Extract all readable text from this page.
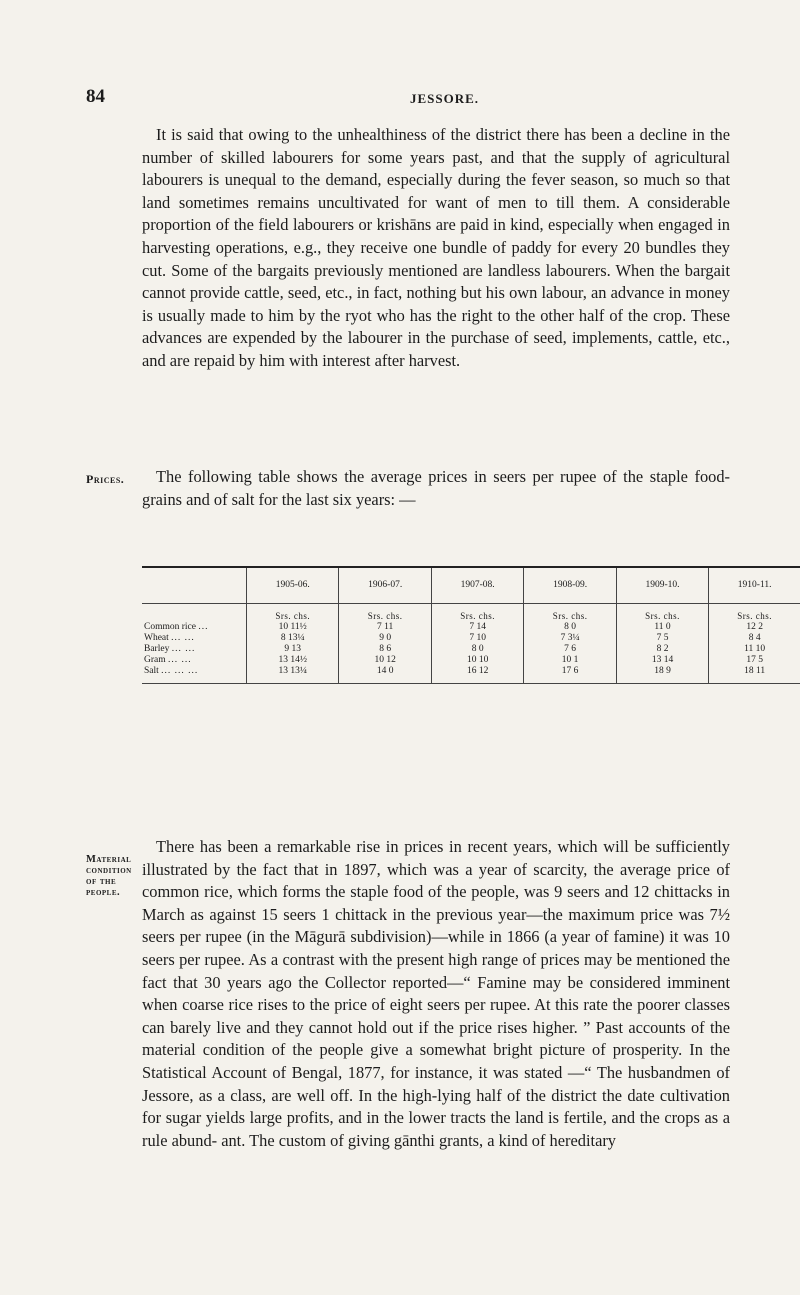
84	JESSORE.

It is said that owing to the unhealthiness of the district there has been a decline in the number of skilled labourers for some years past, and that the supply of agricultural labourers is unequal to the demand, especially during the fever season, so much so that land sometimes remains uncultivated for want of men to till them. A considerable proportion of the field labourers or krishāns are paid in kind, especially when engaged in harvesting operations, e.g., they receive one bundle of paddy for every 20 bundles they cut. Some of the bargaits previously mentioned are landless labourers. When the bargait cannot provide cattle, seed, etc., in fact, nothing but his own labour, an advance in money is usually made to him by the ryot who has the right to the other half of the crop. These advances are expended by the labourer in the purchase of seed, implements, cattle, etc., and are repaid by him with interest after harvest.

Prices.	The following table shows the average prices in seers per rupee of the staple food-grains and of salt for the last six years: —

	1905-06.	1906-07.	1907-08.	1908-09.	1909-10.	1910-11.
	Srs. chs.	Srs. chs.	Srs. chs.	Srs. chs.	Srs. chs.	Srs. chs.
Common rice ...	10 11½	7 11	7 14	8 0	11 0	12 2
Wheat ... ...	8 13¼	9 0	7 10	7 3¼	7 5	8 4
Barley ... ...	9 13	8 6	8 0	7 6	8 2	11 10
Gram ... ...	13 14½	10 12	10 10	10 1	13 14	17 5
Salt ... ... ...	13 13¼	14 0	16 12	17 6	18 9	18 11
Material
condition
of the
people.

There has been a remarkable rise in prices in recent years, which will be sufficiently illustrated by the fact that in 1897, which was a year of scarcity, the average price of common rice, which forms the staple food of the people, was 9 seers and 12 chittacks in March as against 15 seers 1 chittack in the previous year—the maximum price was 7½ seers per rupee (in the Māgurā subdivision)—while in 1866 (a year of famine) it was 10 seers per rupee. As a contrast with the present high range of prices may be mentioned the fact that 30 years ago the Collector reported—“ Famine may be considered imminent when coarse rice rises to the price of eight seers per rupee. At this rate the poorer classes can barely live and they cannot hold out if the price rises higher. ” Past accounts of the material condition of the people give a somewhat bright picture of prosperity. In the Statistical Account of Bengal, 1877, for instance, it was stated —“ The husbandmen of Jessore, as a class, are well off. In the high-lying half of the district the date cultivation for sugar yields large profits, and in the lower tracts the land is fertile, and the crops as a rule abund- ant. The custom of giving gānthi grants, a kind of hereditary
